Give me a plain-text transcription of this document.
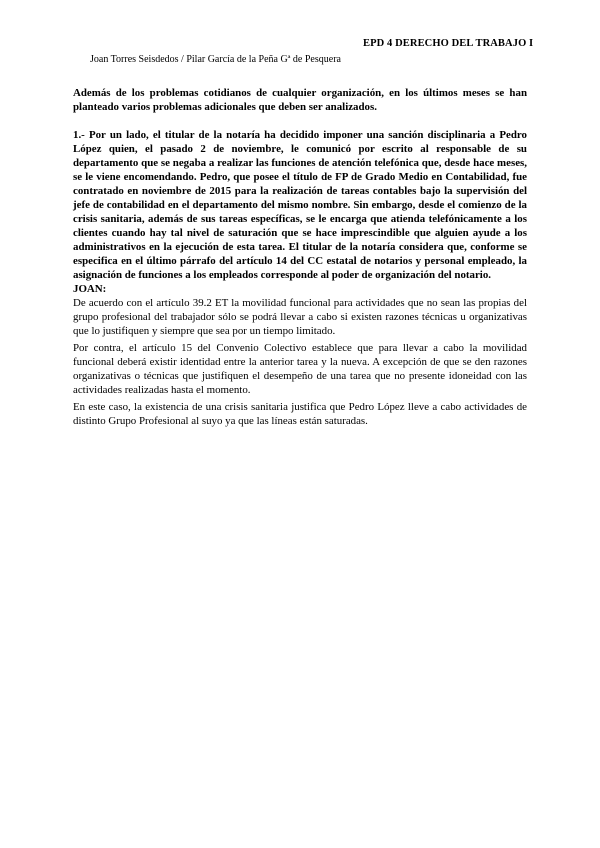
EPD 4 DERECHO DEL TRABAJO I
Joan Torres Seisdedos / Pilar García de la Peña Gª de Pesquera

Además de los problemas cotidianos de cualquier organización, en los últimos meses se han planteado varios problemas adicionales que deben ser analizados.

1.- Por un lado, el titular de la notaría ha decidido imponer una sanción disciplinaria a Pedro López quien, el pasado 2 de noviembre, le comunicó por escrito al responsable de su departamento que se negaba a realizar las funciones de atención telefónica que, desde hace meses, se le viene encomendando. Pedro, que posee el título de FP de Grado Medio en Contabilidad, fue contratado en noviembre de 2015 para la realización de tareas contables bajo la supervisión del jefe de contabilidad en el departamento del mismo nombre. Sin embargo, desde el comienzo de la crisis sanitaria, además de sus tareas específicas, se le encarga que atienda telefónicamente a los clientes cuando hay tal nivel de saturación que se hace imprescindible que alguien ayude a los administrativos en la ejecución de esta tarea. El titular de la notaría considera que, conforme se especifica en el último párrafo del artículo 14 del CC estatal de notarios y personal empleado, la asignación de funciones a los empleados corresponde al poder de organización del notario.

JOAN:

De acuerdo con el artículo 39.2 ET la movilidad funcional para actividades que no sean las propias del grupo profesional del trabajador sólo se podrá llevar a cabo si existen razones técnicas u organizativas que lo justifiquen y siempre que sea por un tiempo limitado.

Por contra, el artículo 15 del Convenio Colectivo establece que para llevar a cabo la movilidad funcional deberá existir identidad entre la anterior tarea y la nueva. A excepción de que se den razones organizativas o técnicas que justifiquen el desempeño de una tarea que no presente idoneidad con las actividades realizadas hasta el momento.

En este caso, la existencia de una crisis sanitaria justifica que Pedro López lleve a cabo actividades de distinto Grupo Profesional al suyo ya que las líneas están saturadas.
